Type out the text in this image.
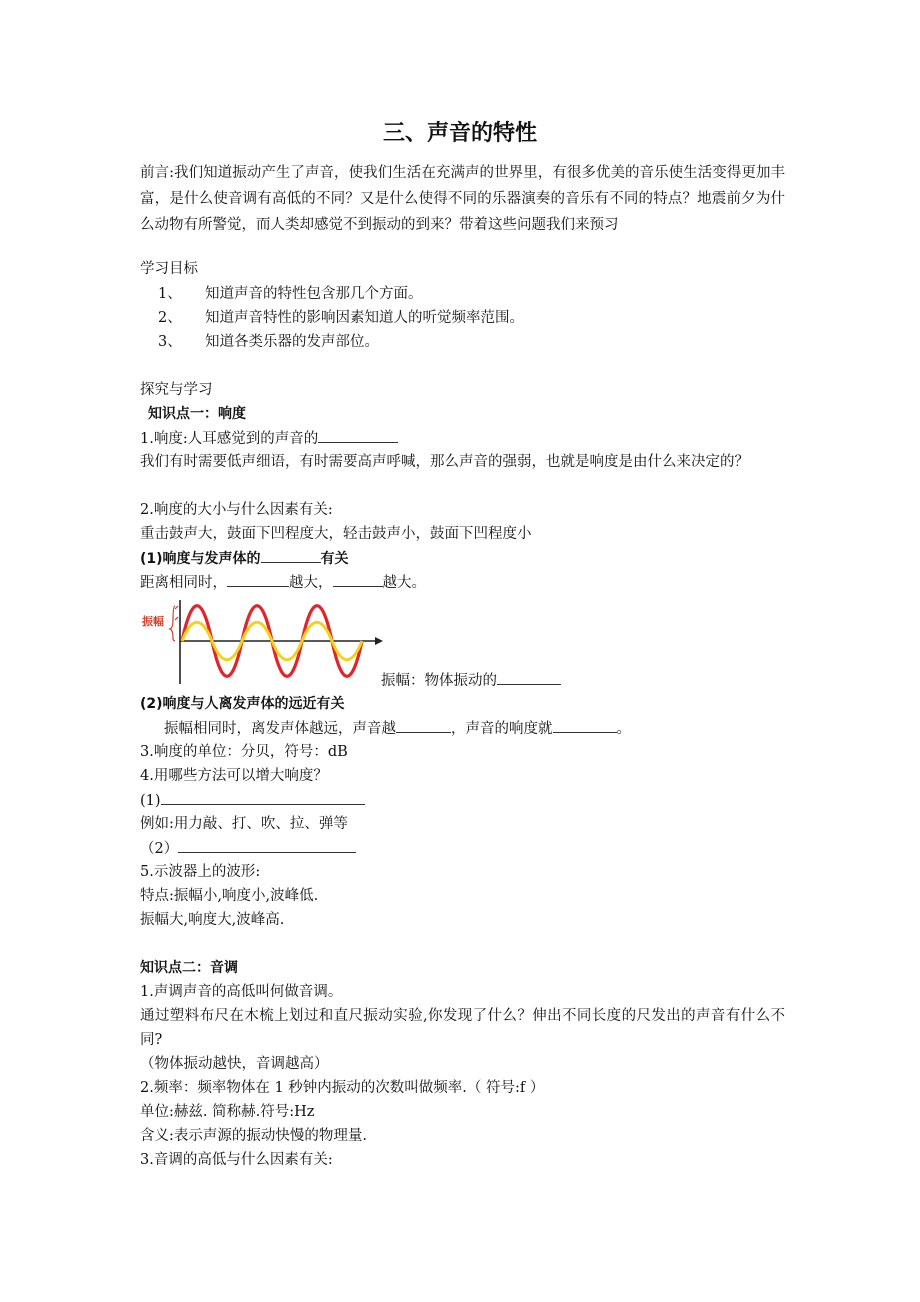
三、声音的特性

前言:我们知道振动产生了声音，使我们生活在充满声的世界里，有很多优美的音乐使生活变得更加丰富，是什么使音调有高低的不同？又是什么使得不同的乐器演奏的音乐有不同的特点？地震前夕为什么动物有所警觉，而人类却感觉不到振动的到来？带着这些问题我们来预习

学习目标
1、 知道声音的特性包含那几个方面。
2、 知道声音特性的影响因素知道人的听觉频率范围。
3、 知道各类乐器的发声部位。
探究与学习
知识点一：响度
1.响度:人耳感觉到的声音的
我们有时需要低声细语，有时需要高声呼喊，那么声音的强弱，也就是响度是由什么来决定的？
2.响度的大小与什么因素有关:
重击鼓声大，鼓面下凹程度大，轻击鼓声小，鼓面下凹程度小
(1)响度与发声体的	有关
距离相同时，	越大，	越大。
振幅
振幅：物体振动的
(2)响度与人离发声体的远近有关
振幅相同时，离发声体越远，声音越	，声音的响度就	。
3.响度的单位：分贝，符号：dB
4.用哪些方法可以增大响度？
(1)
例如:用力敲、打、吹、拉、弹等
（2）
5.示波器上的波形:
特点:振幅小,响度小,波峰低.
振幅大,响度大,波峰高.
知识点二：音调
1.声调声音的高低叫何做音调。
通过塑料布尺在木梳上划过和直尺振动实验,你发现了什么？伸出不同长度的尺发出的声音有什么不同?
（物体振动越快，音调越高）
2.频率：频率物体在 1 秒钟内振动的次数叫做频率.（ 符号:f ）
单位:赫兹. 简称赫.符号:Hz
含义:表示声源的振动快慢的物理量.
3.音调的高低与什么因素有关:
